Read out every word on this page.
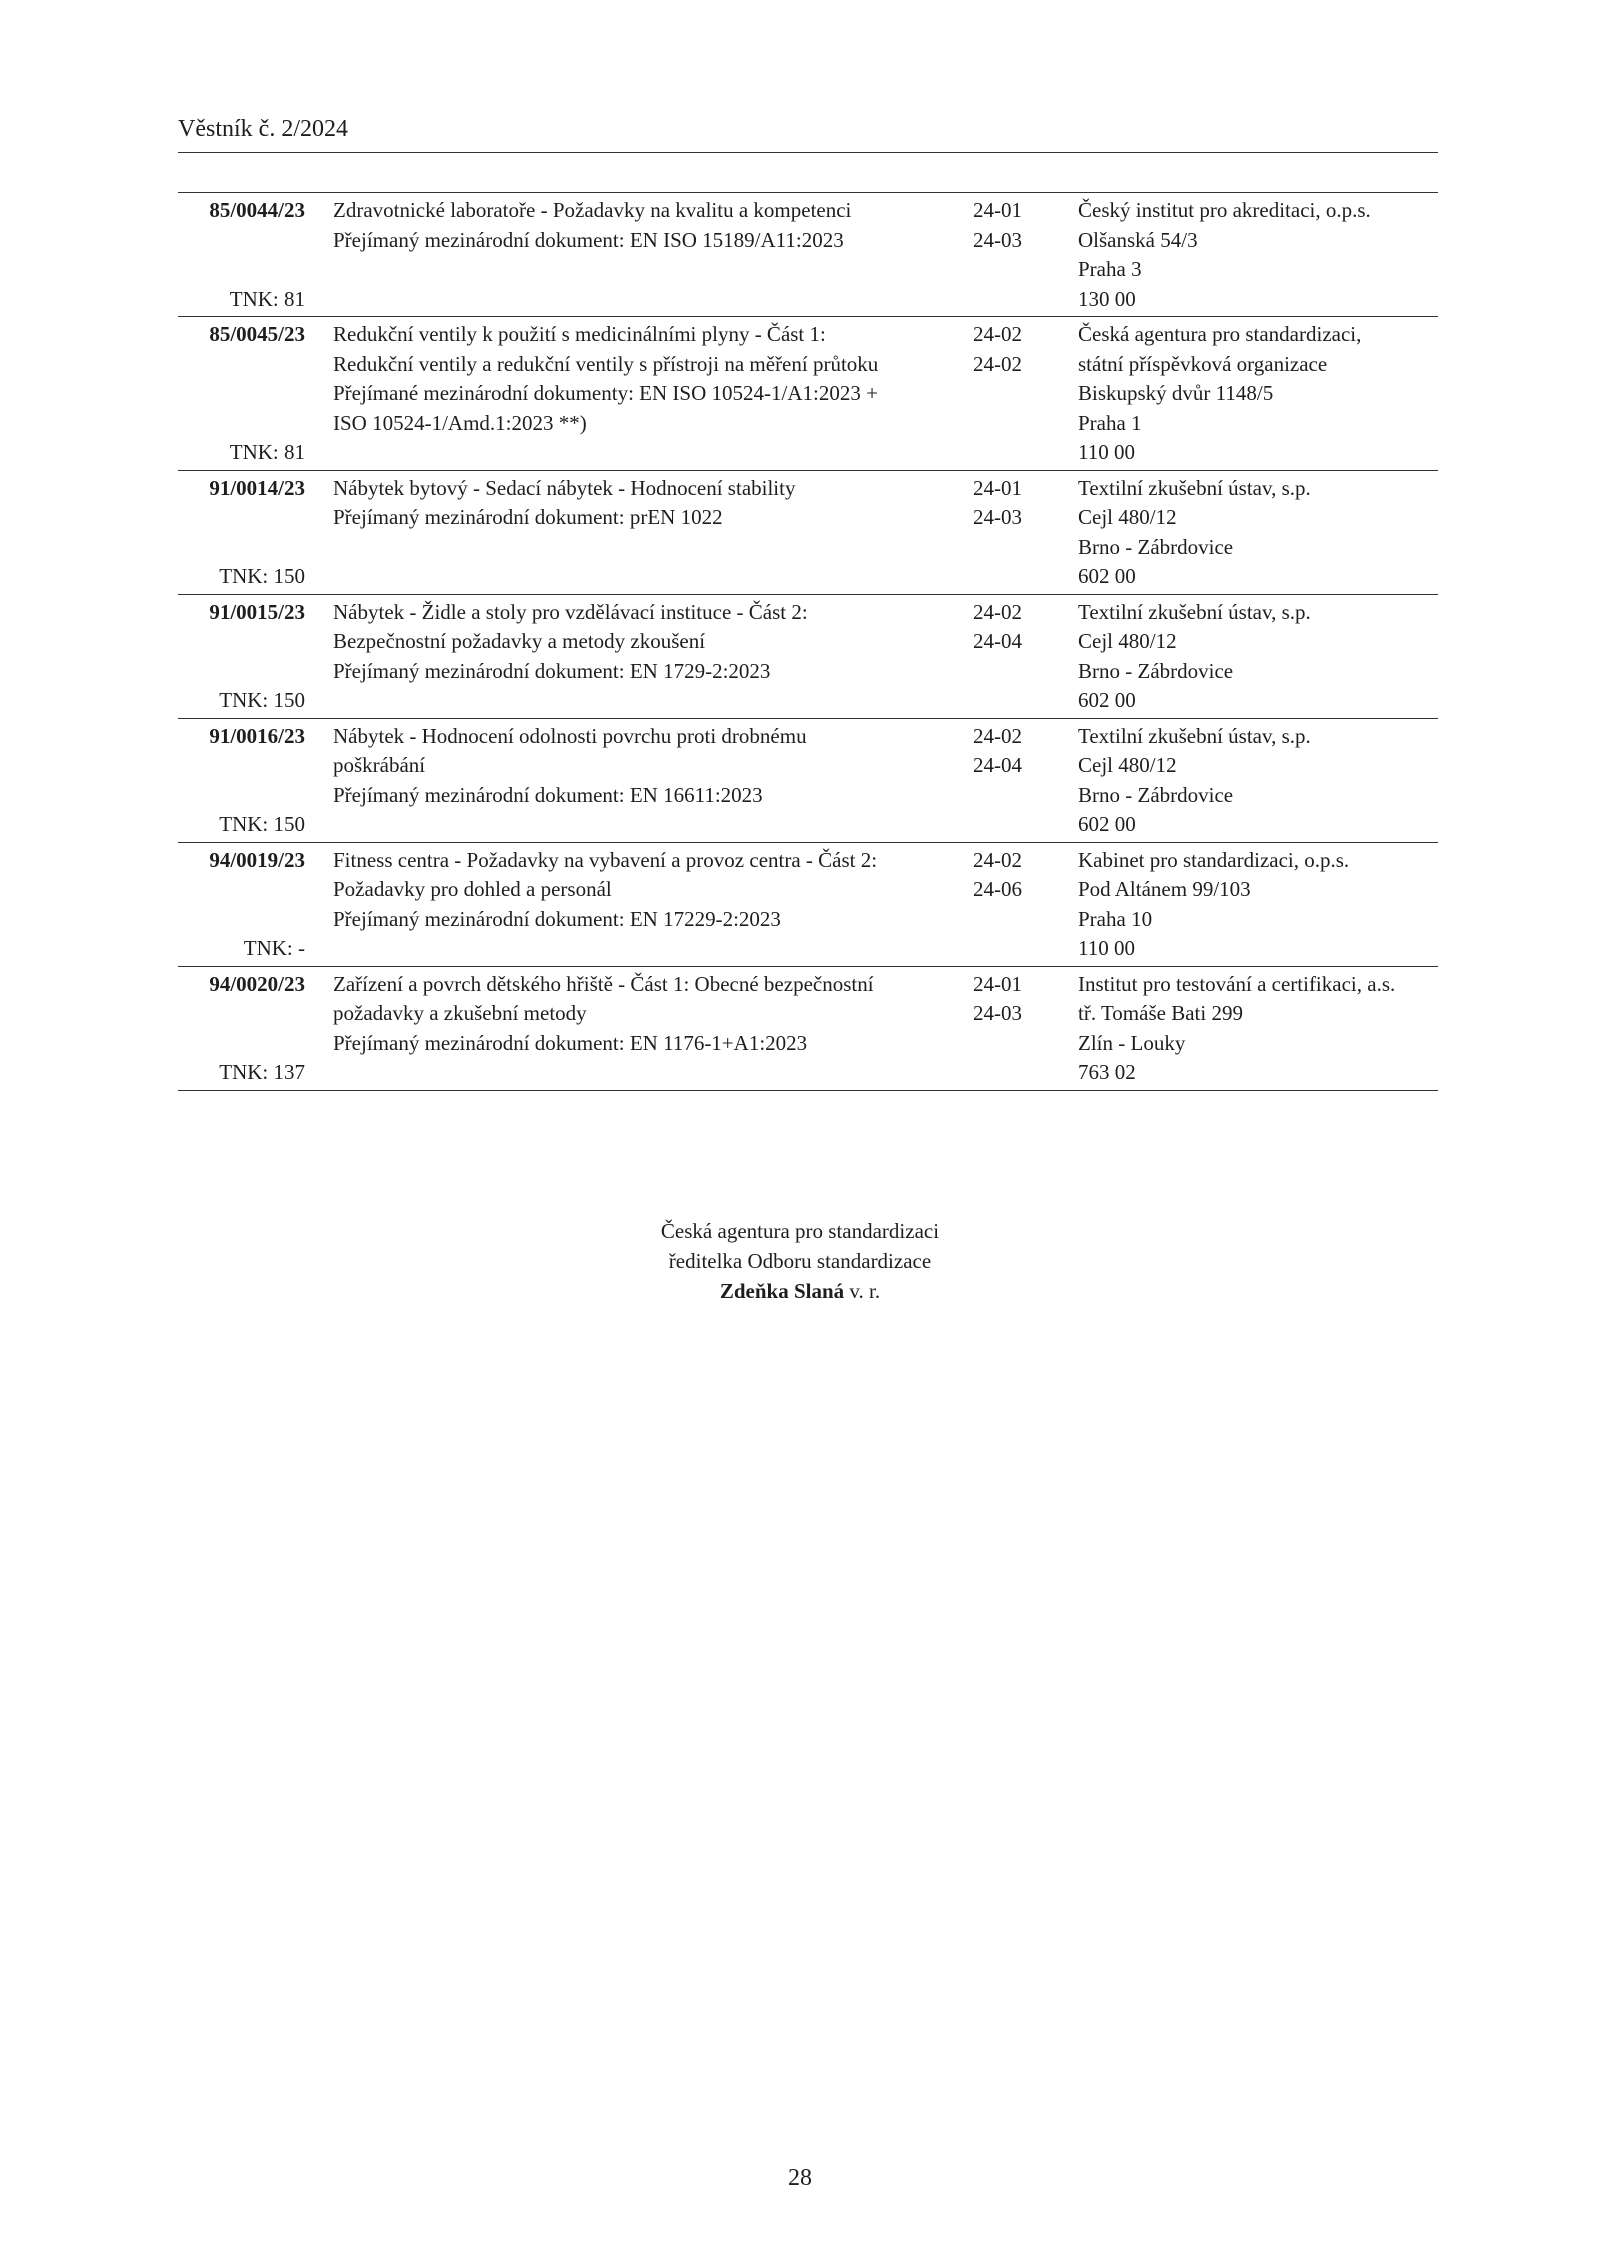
Věstník č. 2/2024
85/0044/23
TNK: 81
Zdravotnické laboratoře - Požadavky na kvalitu a kompetenci
Přejímaný mezinárodní dokument: EN ISO 15189/A11:2023
24-01
24-03
Český institut pro akreditaci, o.p.s.
Olšanská 54/3
Praha 3
130 00
85/0045/23
TNK: 81
Redukční ventily k použití s medicinálními plyny - Část 1:
Redukční ventily a redukční ventily s přístroji na měření průtoku
Přejímané mezinárodní dokumenty: EN ISO 10524-1/A1:2023 +
ISO 10524-1/Amd.1:2023 **)
24-02
24-02
Česká agentura pro standardizaci,
státní příspěvková organizace
Biskupský dvůr 1148/5
Praha 1
110 00
91/0014/23
TNK: 150
Nábytek bytový - Sedací nábytek - Hodnocení stability
Přejímaný mezinárodní dokument: prEN 1022
24-01
24-03
Textilní zkušební ústav, s.p.
Cejl 480/12
Brno - Zábrdovice
602 00
91/0015/23
TNK: 150
Nábytek - Židle a stoly pro vzdělávací instituce - Část 2:
Bezpečnostní požadavky a metody zkoušení
Přejímaný mezinárodní dokument: EN 1729-2:2023
24-02
24-04
Textilní zkušební ústav, s.p.
Cejl 480/12
Brno - Zábrdovice
602 00
91/0016/23
TNK: 150
Nábytek - Hodnocení odolnosti povrchu proti drobnému
poškrábání
Přejímaný mezinárodní dokument: EN 16611:2023
24-02
24-04
Textilní zkušební ústav, s.p.
Cejl 480/12
Brno - Zábrdovice
602 00
94/0019/23
TNK: -
Fitness centra - Požadavky na vybavení a provoz centra - Část 2:
Požadavky pro dohled a personál
Přejímaný mezinárodní dokument: EN 17229-2:2023
24-02
24-06
Kabinet pro standardizaci, o.p.s.
Pod Altánem 99/103
Praha 10
110 00
94/0020/23
TNK: 137
Zařízení a povrch dětského hřiště - Část 1: Obecné bezpečnostní
požadavky a zkušební metody
Přejímaný mezinárodní dokument: EN 1176-1+A1:2023
24-01
24-03
Institut pro testování a certifikaci, a.s.
tř. Tomáše Bati 299
Zlín - Louky
763 02
Česká agentura pro standardizaci
ředitelka Odboru standardizace
Zdeňka Slaná v. r.
28
